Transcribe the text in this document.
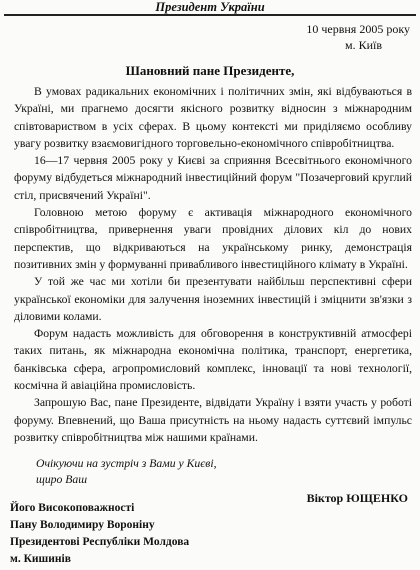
Президент України
10 червня 2005 року
м. Київ
Шановний пане Президенте,

В умовах радикальних економічних і політичних змін, які відбуваються в Україні, ми прагнемо досягти якісного розвитку відносин з міжнародним співтовариством в усіх сферах. В цьому контексті ми приділяємо особливу увагу розвитку взаємовигідного торговельно-економічного співробітництва.

16—17 червня 2005 року у Києві за сприяння Всесвітнього економічного форуму відбудеться міжнародний інвестиційний форум "Позачерговий круглий стіл, присвячений Україні".

Головною метою форуму є активація міжнародного економічного співробітництва, привернення уваги провідних ділових кіл до нових перспектив, що відкриваються на українському ринку, демонстрація позитивних змін у формуванні привабливого інвестиційного клімату в Україні.

У той же час ми хотіли би презентувати найбільш перспективні сфери української економіки для залучення іноземних інвестицій і зміцнити зв'язки з діловими колами.

Форум надасть можливість для обговорення в конструктивній атмосфері таких питань, як міжнародна економічна політика, транспорт, енергетика, банківська сфера, агропромисловий комплекс, інновації та нові технології, космічна й авіаційна промисловість.

Запрошую Вас, пане Президенте, відвідати Україну і взяти участь у роботі форуму. Впевнений, що Ваша присутність на ньому надасть суттєвий імпульс розвитку співробітництва між нашими країнами.

Очікуючи на зустріч з Вами у Києві,
щиро Ваш
Віктор ЮЩЕНКО
Його Високоповажності
Пану Володимиру Вороніну
Президентові Республіки Молдова
м. Кишинів
